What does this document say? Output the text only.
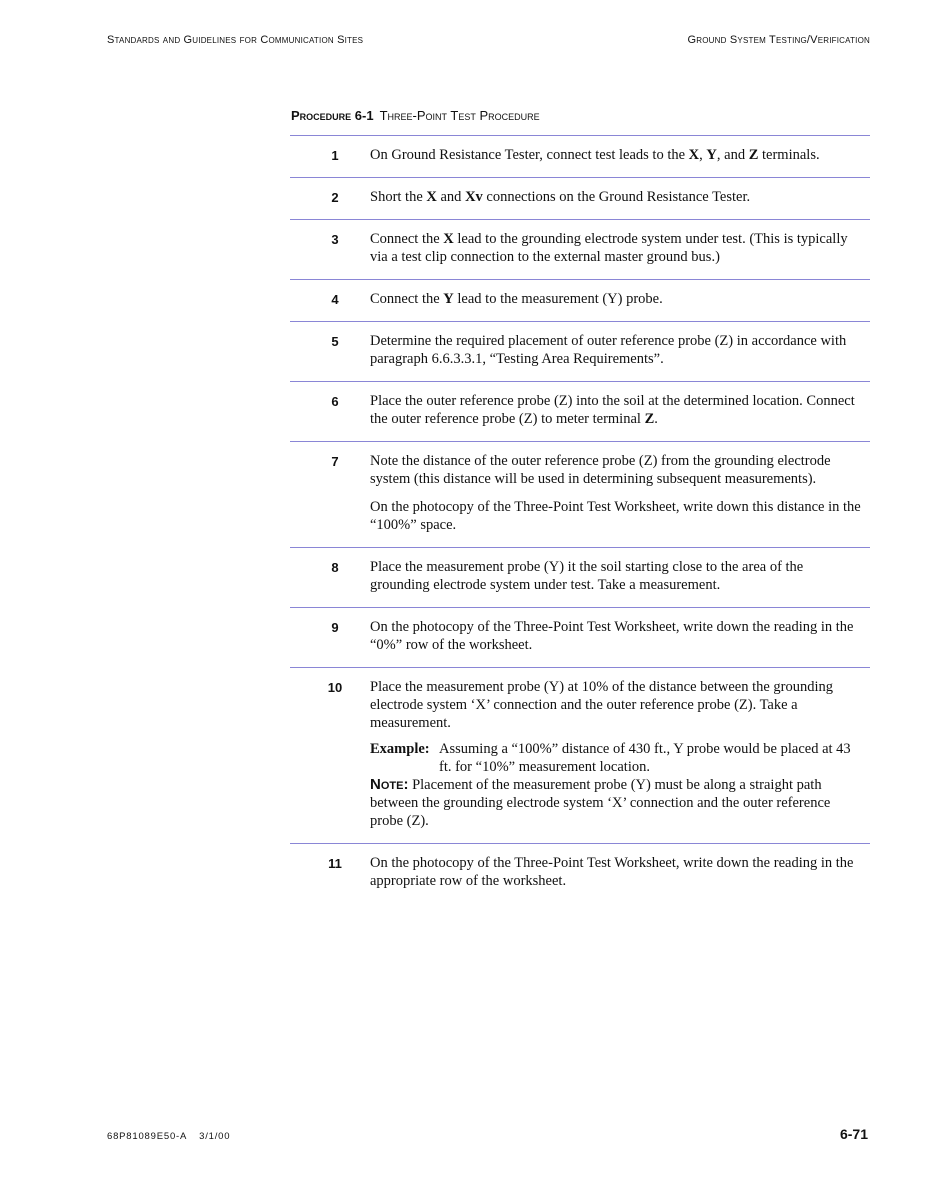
Standards and Guidelines for Communication Sites	Ground System Testing/Verification
Procedure 6-1 Three-Point Test Procedure
1	On Ground Resistance Tester, connect test leads to the X, Y, and Z terminals.

2	Short the X and Xv connections on the Ground Resistance Tester.

3	Connect the X lead to the grounding electrode system under test. (This is typically via a test clip connection to the external master ground bus.)

4	Connect the Y lead to the measurement (Y) probe.

5	Determine the required placement of outer reference probe (Z) in accordance with paragraph 6.6.3.3.1, “Testing Area Requirements”.

6	Place the outer reference probe (Z) into the soil at the determined location. Connect the outer reference probe (Z) to meter terminal Z.

7	Note the distance of the outer reference probe (Z) from the grounding electrode system (this distance will be used in determining subsequent measurements).

On the photocopy of the Three-Point Test Worksheet, write down this distance in the “100%” space.

8	Place the measurement probe (Y) it the soil starting close to the area of the grounding electrode system under test. Take a measurement.

9	On the photocopy of the Three-Point Test Worksheet, write down the reading in the “0%” row of the worksheet.

10	Place the measurement probe (Y) at 10% of the distance between the grounding electrode system ‘X’ connection and the outer reference probe (Z). Take a measurement.

Example: Assuming a “100%” distance of 430 ft., Y probe would be placed at 43 ft. for “10%” measurement location.

Note: Placement of the measurement probe (Y) must be along a straight path between the grounding electrode system ‘X’ connection and the outer reference probe (Z).

11	On the photocopy of the Three-Point Test Worksheet, write down the reading in the appropriate row of the worksheet.

68P81089E50-A 3/1/00	6-71
